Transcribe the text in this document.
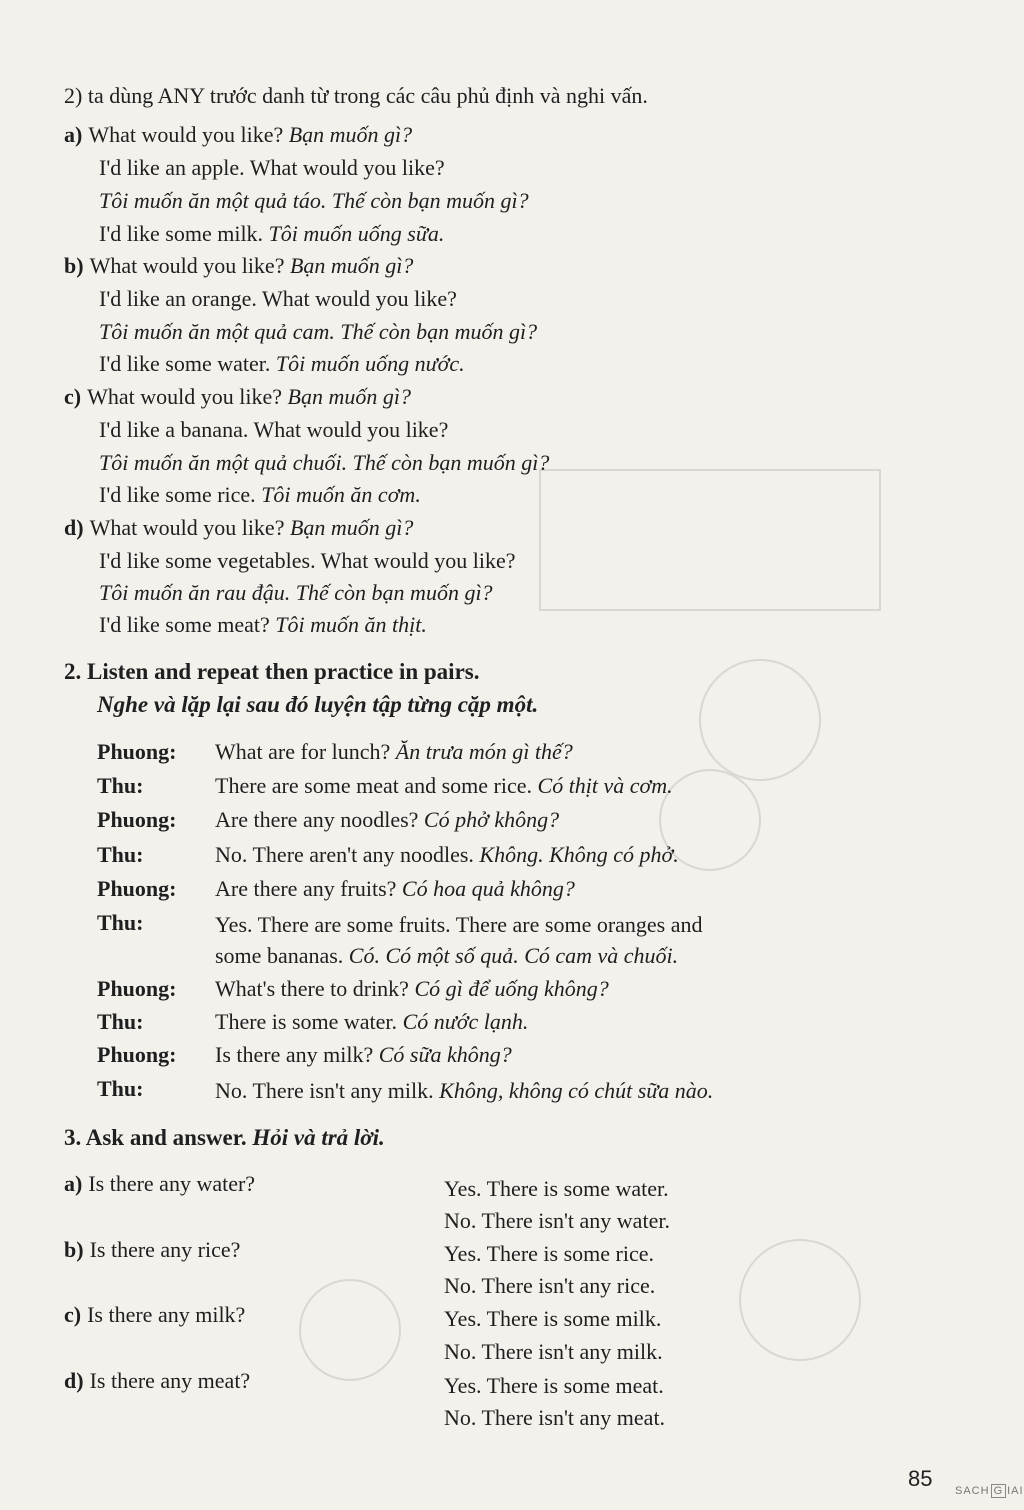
2) ta dùng ANY trước danh từ trong các câu phủ định và nghi vấn.
a) What would you like? Bạn muốn gì?
I'd like an apple. What would you like?
Tôi muốn ăn một quả táo. Thế còn bạn muốn gì?
I'd like some milk. Tôi muốn uống sữa.
b) What would you like? Bạn muốn gì?
I'd like an orange. What would you like?
Tôi muốn ăn một quả cam. Thế còn bạn muốn gì?
I'd like some water. Tôi muốn uống nước.
c) What would you like? Bạn muốn gì?
I'd like a banana. What would you like?
Tôi muốn ăn một quả chuối. Thế còn bạn muốn gì?
I'd like some rice. Tôi muốn ăn cơm.
d) What would you like? Bạn muốn gì?
I'd like some vegetables. What would you like?
Tôi muốn ăn rau đậu. Thế còn bạn muốn gì?
I'd like some meat? Tôi muốn ăn thịt.
2. Listen and repeat then practice in pairs.
Nghe và lặp lại sau đó luyện tập từng cặp một.
Phuong: What are for lunch? Ăn trưa món gì thế?
Thu:	There are some meat and some rice. Có thịt và cơm.
Phuong: Are there any noodles? Có phở không?
Thu:	No. There aren't any noodles. Không. Không có phở.
Phuong: Are there any fruits? Có hoa quả không?
Thu:	Yes. There are some fruits. There are some oranges and
some bananas. Có. Có một số quả. Có cam và chuối.
Phuong: What's there to drink? Có gì để uống không?
Thu:	There is some water. Có nước lạnh.
Phuong: Is there any milk? Có sữa không?
Thu:	No. There isn't any milk. Không, không có chút sữa nào.
3. Ask and answer. Hỏi và trả lời.
a) Is there any water?	Yes. There is some water.
No. There isn't any water.
b) Is there any rice?	Yes. There is some rice.
No. There isn't any rice.
c) Is there any milk?	Yes. There is some milk.
No. There isn't any milk.
d) Is there any meat?	Yes. There is some meat.
No. There isn't any meat.
85 SACH G IAI
